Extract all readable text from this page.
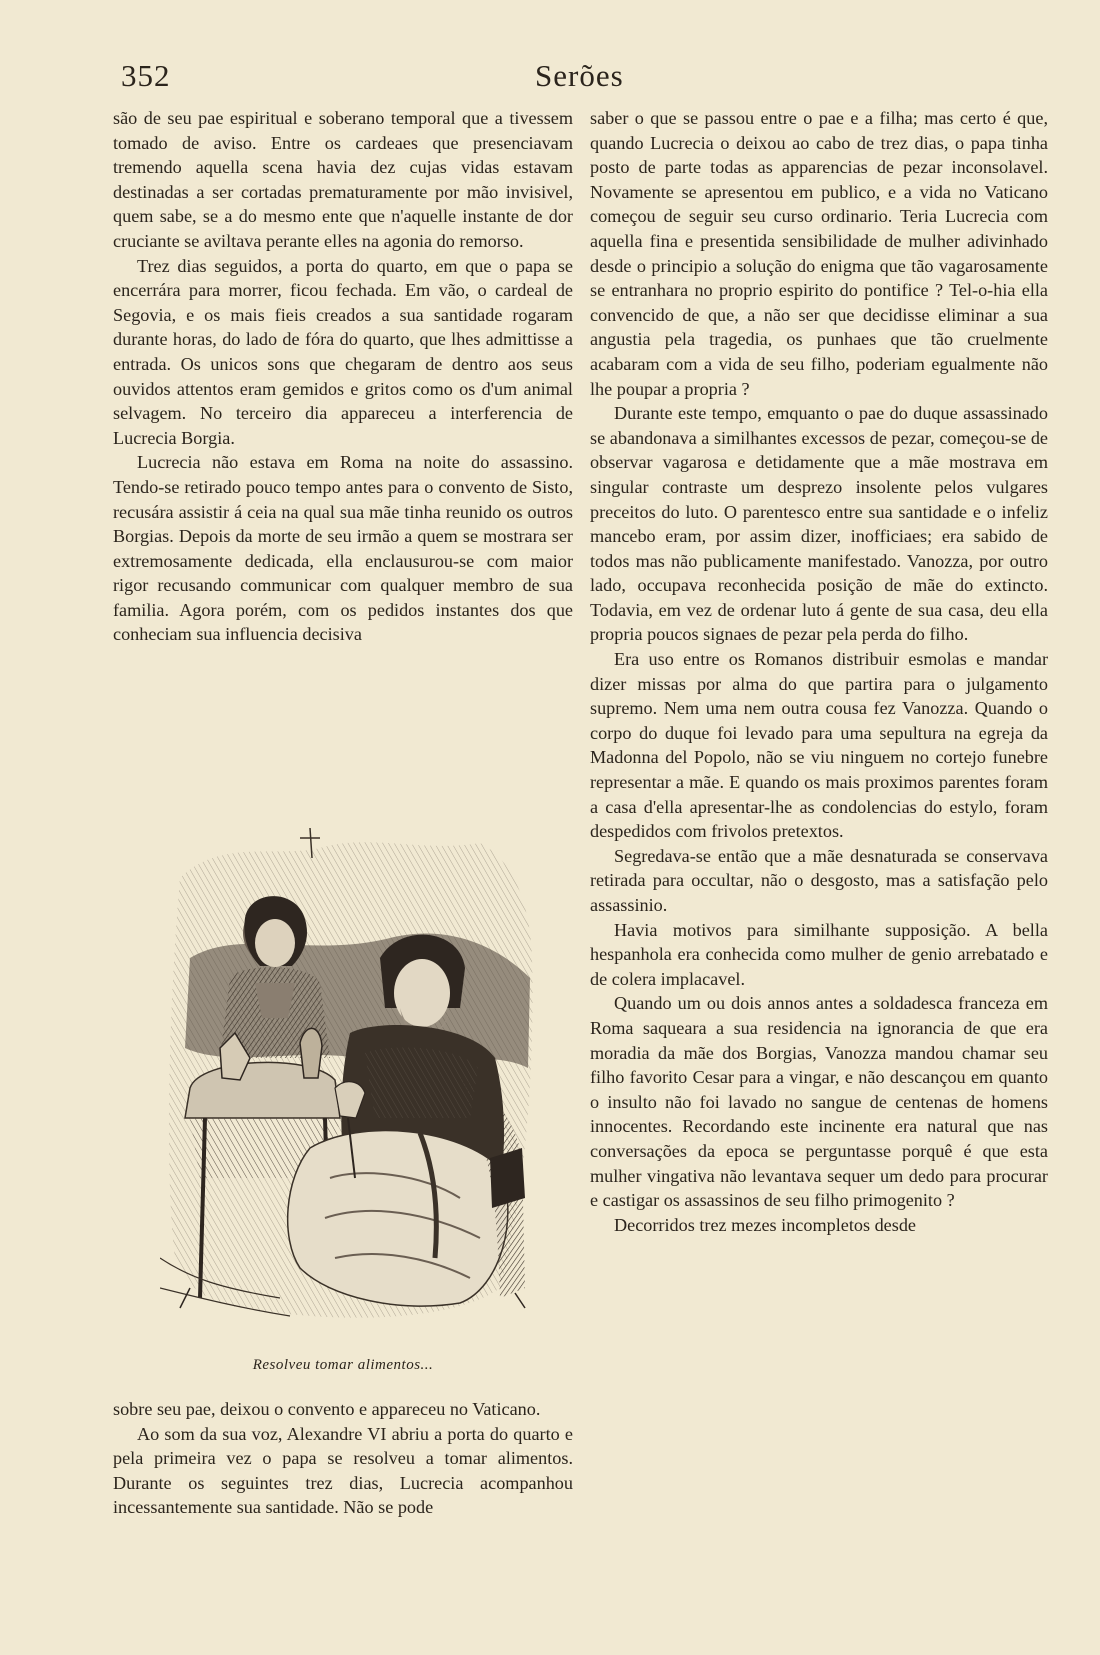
352	Serões

são de seu pae espiritual e soberano temporal que a tivessem tomado de aviso. Entre os cardeaes que presenciavam tremendo aquella scena havia dez cujas vidas estavam destinadas a ser cortadas prematuramente por mão invisivel, quem sabe, se a do mesmo ente que n'aquelle instante de dor cruciante se aviltava perante elles na agonia do remorso.

Trez dias seguidos, a porta do quarto, em que o papa se encerrára para morrer, ficou fechada. Em vão, o cardeal de Segovia, e os mais fieis creados a sua santidade rogaram durante horas, do lado de fóra do quarto, que lhes admittisse a entrada. Os unicos sons que chegaram de dentro aos seus ouvidos attentos eram gemidos e gritos como os d'um animal selvagem. No terceiro dia appareceu a interferencia de Lucrecia Borgia.

Lucrecia não estava em Roma na noite do assassino. Tendo-se retirado pouco tempo antes para o convento de Sisto, recusára assistir á ceia na qual sua mãe tinha reunido os outros Borgias. Depois da morte de seu irmão a quem se mostrara ser extremosamente dedicada, ella enclausurou-se com maior rigor recusando communicar com qualquer membro de sua familia. Agora porém, com os pedidos instantes dos que conheciam sua influencia decisiva

Resolveu tomar alimentos...

sobre seu pae, deixou o convento e appareceu no Vaticano.

Ao som da sua voz, Alexandre VI abriu a porta do quarto e pela primeira vez o papa se resolveu a tomar alimentos. Durante os seguintes trez dias, Lucrecia acompanhou incessantemente sua santidade. Não se pode

saber o que se passou entre o pae e a filha; mas certo é que, quando Lucrecia o deixou ao cabo de trez dias, o papa tinha posto de parte todas as apparencias de pezar inconsolavel. Novamente se apresentou em publico, e a vida no Vaticano começou de seguir seu curso ordinario. Teria Lucrecia com aquella fina e presentida sensibilidade de mulher adivinhado desde o principio a solução do enigma que tão vagarosamente se entranhara no proprio espirito do pontifice ? Tel-o-hia ella convencido de que, a não ser que decidisse eliminar a sua angustia pela tragedia, os punhaes que tão cruelmente acabaram com a vida de seu filho, poderiam egualmente não lhe poupar a propria ?

Durante este tempo, emquanto o pae do duque assassinado se abandonava a similhantes excessos de pezar, começou-se de observar vagarosa e detidamente que a mãe mostrava em singular contraste um desprezo insolente pelos vulgares preceitos do luto. O parentesco entre sua santidade e o infeliz mancebo eram, por assim dizer, inofficiaes; era sabido de todos mas não publicamente manifestado. Vanozza, por outro lado, occupava reconhecida posição de mãe do extincto. Todavia, em vez de ordenar luto á gente de sua casa, deu ella propria poucos signaes de pezar pela perda do filho.

Era uso entre os Romanos distribuir esmolas e mandar dizer missas por alma do que partira para o julgamento supremo. Nem uma nem outra cousa fez Vanozza. Quando o corpo do duque foi levado para uma sepultura na egreja da Madonna del Popolo, não se viu ninguem no cortejo funebre representar a mãe. E quando os mais proximos parentes foram a casa d'ella apresentar-lhe as condolencias do estylo, foram despedidos com frivolos pretextos.

Segredava-se então que a mãe desnaturada se conservava retirada para occultar, não o desgosto, mas a satisfação pelo assassinio.

Havia motivos para similhante supposição. A bella hespanhola era conhecida como mulher de genio arrebatado e de colera implacavel.

Quando um ou dois annos antes a soldadesca franceza em Roma saqueara a sua residencia na ignorancia de que era moradia da mãe dos Borgias, Vanozza mandou chamar seu filho favorito Cesar para a vingar, e não descançou em quanto o insulto não foi lavado no sangue de centenas de homens innocentes. Recordando este incinente era natural que nas conversações da epoca se perguntasse porquê é que esta mulher vingativa não levantava sequer um dedo para procurar e castigar os assassinos de seu filho primogenito ?

Decorridos trez mezes incompletos desde
